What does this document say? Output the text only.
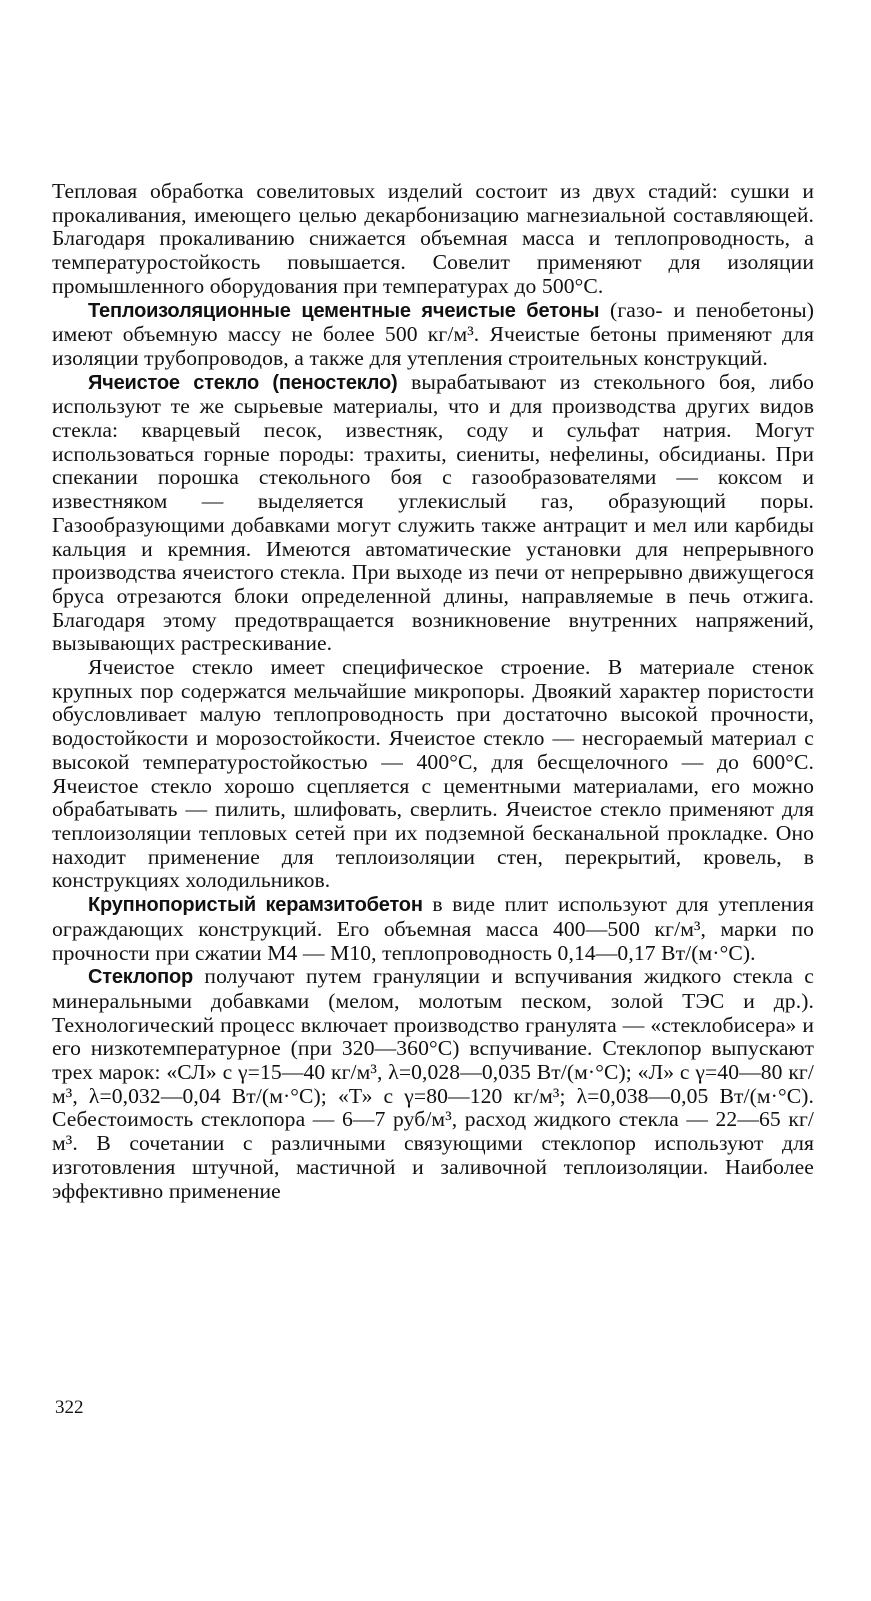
Тепловая обработка совелитовых изделий состоит из двух стадий: сушки и прокаливания, имеющего целью декарбонизацию магнезиальной составляющей. Благодаря прокаливанию снижается объемная масса и теплопроводность, а температуростойкость повышается. Совелит применяют для изоляции промышленного оборудования при температурах до 500°С.

Теплоизоляционные цементные ячеистые бетоны (газо- и пенобетоны) имеют объемную массу не более 500 кг/м³. Ячеистые бетоны применяют для изоляции трубопроводов, а также для утепления строительных конструкций.

Ячеистое стекло (пеностекло) вырабатывают из стекольного боя, либо используют те же сырьевые материалы, что и для производства других видов стекла: кварцевый песок, известняк, соду и сульфат натрия. Могут использоваться горные породы: трахиты, сиениты, нефелины, обсидианы. При спекании порошка стекольного боя с газообразователями — коксом и известняком — выделяется углекислый газ, образующий поры. Газообразующими добавками могут служить также антрацит и мел или карбиды кальция и кремния. Имеются автоматические установки для непрерывного производства ячеистого стекла. При выходе из печи от непрерывно движущегося бруса отрезаются блоки определенной длины, направляемые в печь отжига. Благодаря этому предотвращается возникновение внутренних напряжений, вызывающих растрескивание.

Ячеистое стекло имеет специфическое строение. В материале стенок крупных пор содержатся мельчайшие микропоры. Двоякий характер пористости обусловливает малую теплопроводность при достаточно высокой прочности, водостойкости и морозостойкости. Ячеистое стекло — несгораемый материал с высокой температуростойкостью — 400°С, для бесщелочного — до 600°С. Ячеистое стекло хорошо сцепляется с цементными материалами, его можно обрабатывать — пилить, шлифовать, сверлить. Ячеистое стекло применяют для теплоизоляции тепловых сетей при их подземной бесканальной прокладке. Оно находит применение для теплоизоляции стен, перекрытий, кровель, в конструкциях холодильников.

Крупнопористый керамзитобетон в виде плит используют для утепления ограждающих конструкций. Его объемная масса 400—500 кг/м³, марки по прочности при сжатии М4 — М10, теплопроводность 0,14—0,17 Вт/(м·°С).

Стеклопор получают путем грануляции и вспучивания жидкого стекла с минеральными добавками (мелом, молотым песком, золой ТЭС и др.). Технологический процесс включает производство гранулята — «стеклобисера» и его низкотемпературное (при 320—360°С) вспучивание. Стеклопор выпускают трех марок: «СЛ» с γ=15—40 кг/м³, λ=0,028—0,035 Вт/(м·°С); «Л» с γ=40—80 кг/м³, λ=0,032—0,04 Вт/(м·°С); «Т» с γ=80—120 кг/м³; λ=0,038—0,05 Вт/(м·°С). Себестоимость стеклопора — 6—7 руб/м³, расход жидкого стекла — 22—65 кг/м³. В сочетании с различными связующими стеклопор используют для изготовления штучной, мастичной и заливочной теплоизоляции. Наиболее эффективно применение

322
